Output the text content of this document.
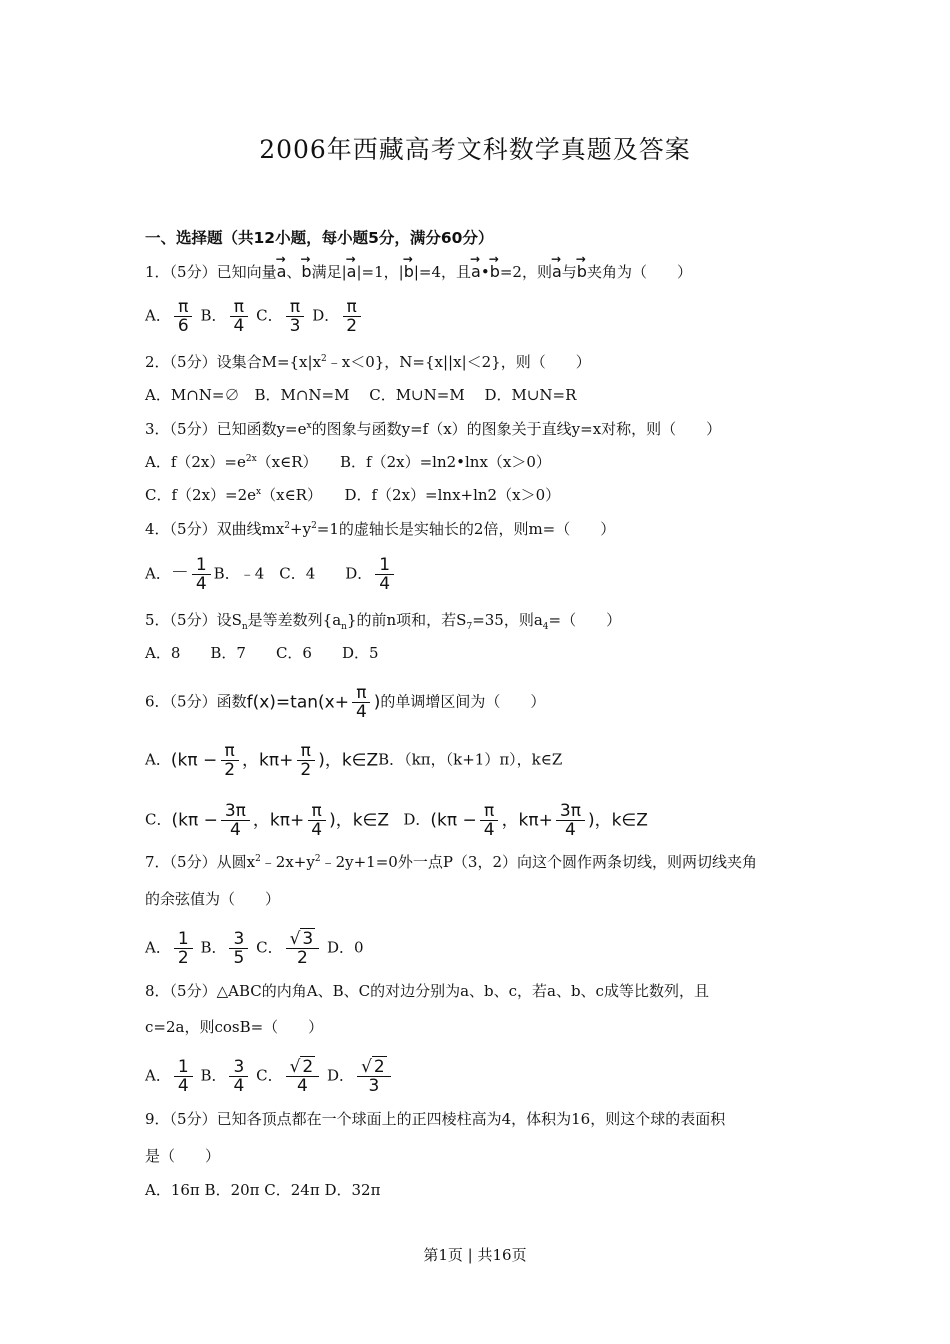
2006年西藏高考文科数学真题及答案
一、选择题（共12小题，每小题5分，满分60分）
1．（5分）已知向量→ a、→ b满足|→ a|=1，|→ b|=4，且→ a•→ b=2，则→ a与→ b夹角为（　　）
A． $\frac{\pi}{6}$ B． $\frac{\pi}{4}$ C． $\frac{\pi}{3}$ D． $\frac{\pi}{2}$
2．（5分）设集合$M=\{x|x^2﹣x<0\}$，N={x||x|＜2}，则（　　）
A．M∩N=∅　B．M∩N=M　 C．M∪N=M　 D．M∪N=R
3．（5分）已知函数$y=e^x$的图象与函数y=f（x）的图象关于直线y=x对称，则（　　）
A．$f(2x)=e^{2x}(x\in R)$　　B．f（2x）=ln2•lnx（x＞0）
C．$f(2x)=2e^x(x\in R)$　　D．f（2x）=lnx+ln2（x＞0）
4．（5分）双曲线$mx^2+y^2=1$的虚轴长是实轴长的2倍，则m=（　　）
A．－ $\frac{1}{4}$ B．﹣4　C．4　　D． $\frac{1}{4}$
5．（5分）设$S_n$是等差数列$\{a_n\}$的前n项和，若$S_7=35$，则$a_4=$（　　）
A．8　　B．7　　C．6　　D．5
6．（5分）函数$f(x)=\tan(x+ \frac{\pi}{4}$ )的单调增区间为（　　）
A．($k\pi - \frac{\pi}{2}$ ，$k\pi+ \frac{\pi}{2}$ )，k∈ZB．（kπ，（k+1）π），k∈Z
C．($k\pi - \frac{3\pi}{4}$ ，$k\pi+ \frac{\pi}{4}$ )，k∈Z D．($k\pi - \frac{\pi}{4}$ ，$k\pi+ \frac{3\pi}{4}$ )，k∈Z
7．（5分）从圆$x^2﹣2x+y^2﹣2y+1=0$外一点P（3，2）向这个圆作两条切线，则两切线夹角
的余弦值为（　　）
A． $\frac{1}{2}$ B． $\frac{3}{5}$ C． $\frac{√ 3}{2}$ D．0
8．（5分）△ABC的内角A、B、C的对边分别为a、b、c，若a、b、c成等比数列，且
c=2a，则cosB=（　　）
A． $\frac{1}{4}$ B． $\frac{3}{4}$ C． $\frac{√ 2}{4}$ D． $\frac{√ 2}{3}$
9．（5分）已知各顶点都在一个球面上的正四棱柱高为4，体积为16，则这个球的表面积
是（　　）
A．16π B．20π C．24π D．32π
第1页 | 共16页
